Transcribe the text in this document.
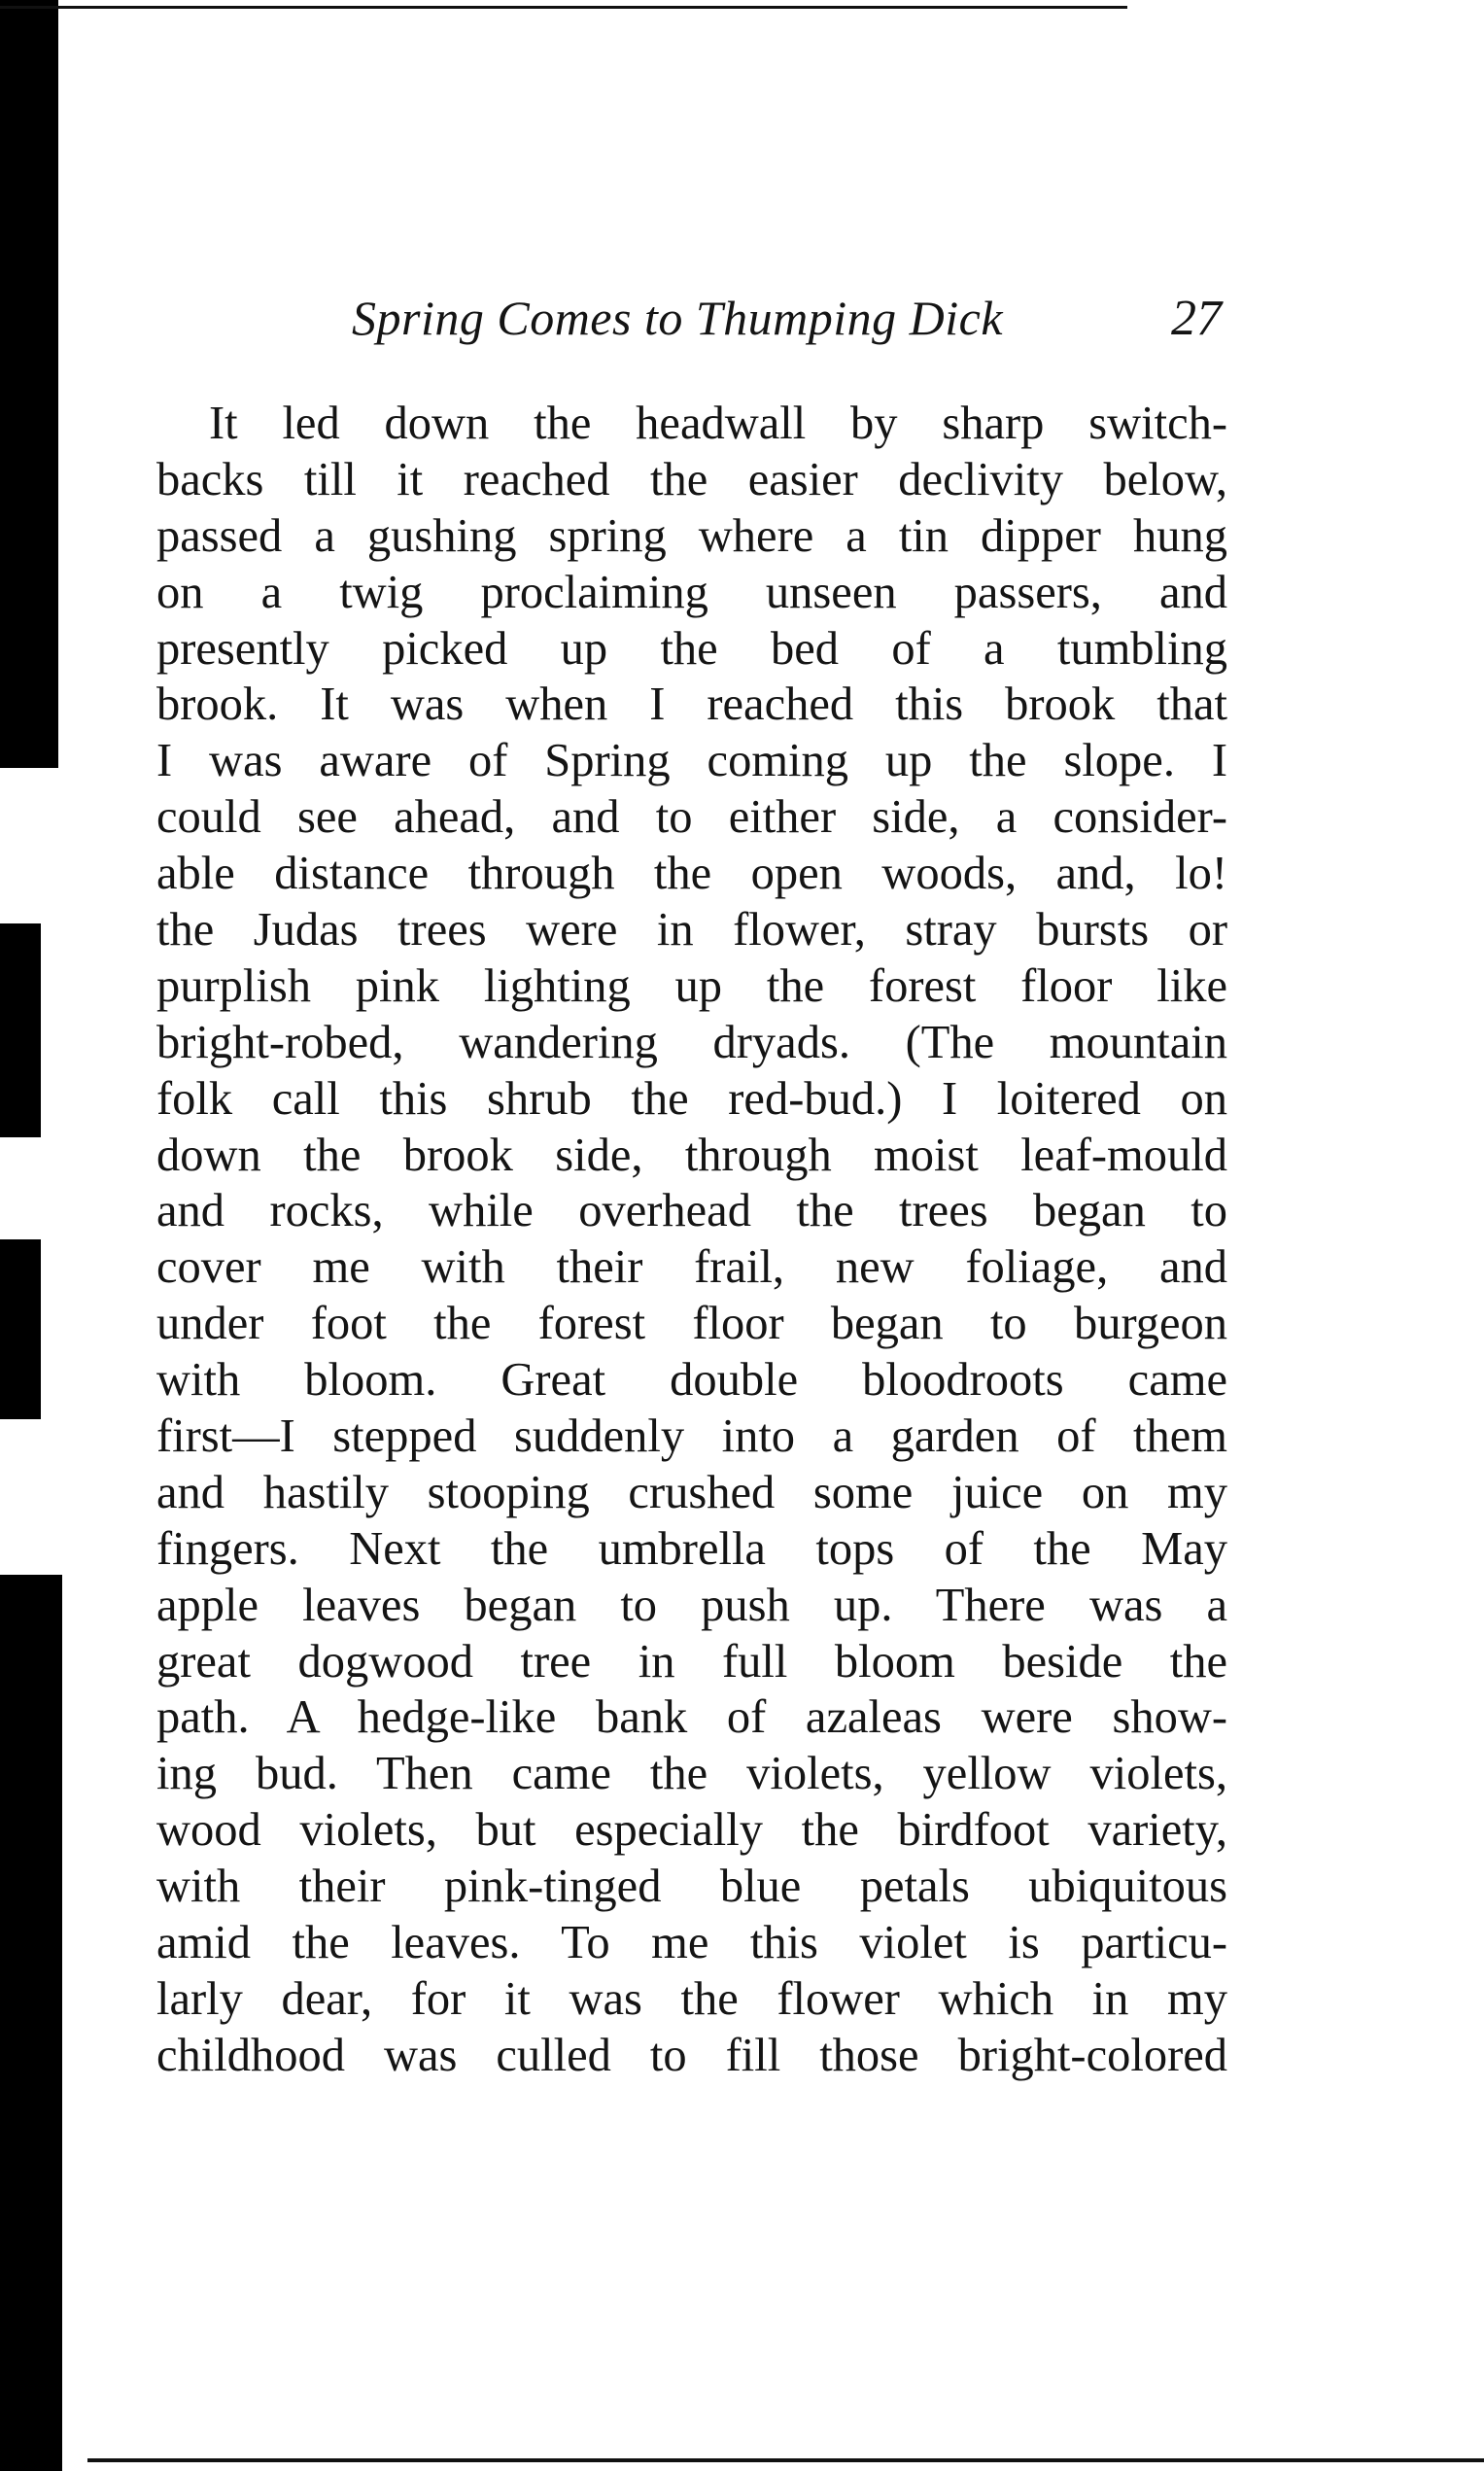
Spring Comes to Thumping Dick	27
It led down the headwall by sharp switch-
backs till it reached the easier declivity below,
passed a gushing spring where a tin dipper hung
on a twig proclaiming unseen passers, and
presently picked up the bed of a tumbling
brook. It was when I reached this brook that
I was aware of Spring coming up the slope. I
could see ahead, and to either side, a consider-
able distance through the open woods, and, lo!
the Judas trees were in flower, stray bursts or
purplish pink lighting up the forest floor like
bright-robed, wandering dryads. (The mountain
folk call this shrub the red-bud.) I loitered on
down the brook side, through moist leaf-mould
and rocks, while overhead the trees began to
cover me with their frail, new foliage, and
under foot the forest floor began to burgeon
with bloom. Great double bloodroots came
first—I stepped suddenly into a garden of them
and hastily stooping crushed some juice on my
fingers. Next the umbrella tops of the May
apple leaves began to push up. There was a
great dogwood tree in full bloom beside the
path. A hedge-like bank of azaleas were show-
ing bud. Then came the violets, yellow violets,
wood violets, but especially the birdfoot variety,
with their pink-tinged blue petals ubiquitous
amid the leaves. To me this violet is particu-
larly dear, for it was the flower which in my
childhood was culled to fill those bright-colored
